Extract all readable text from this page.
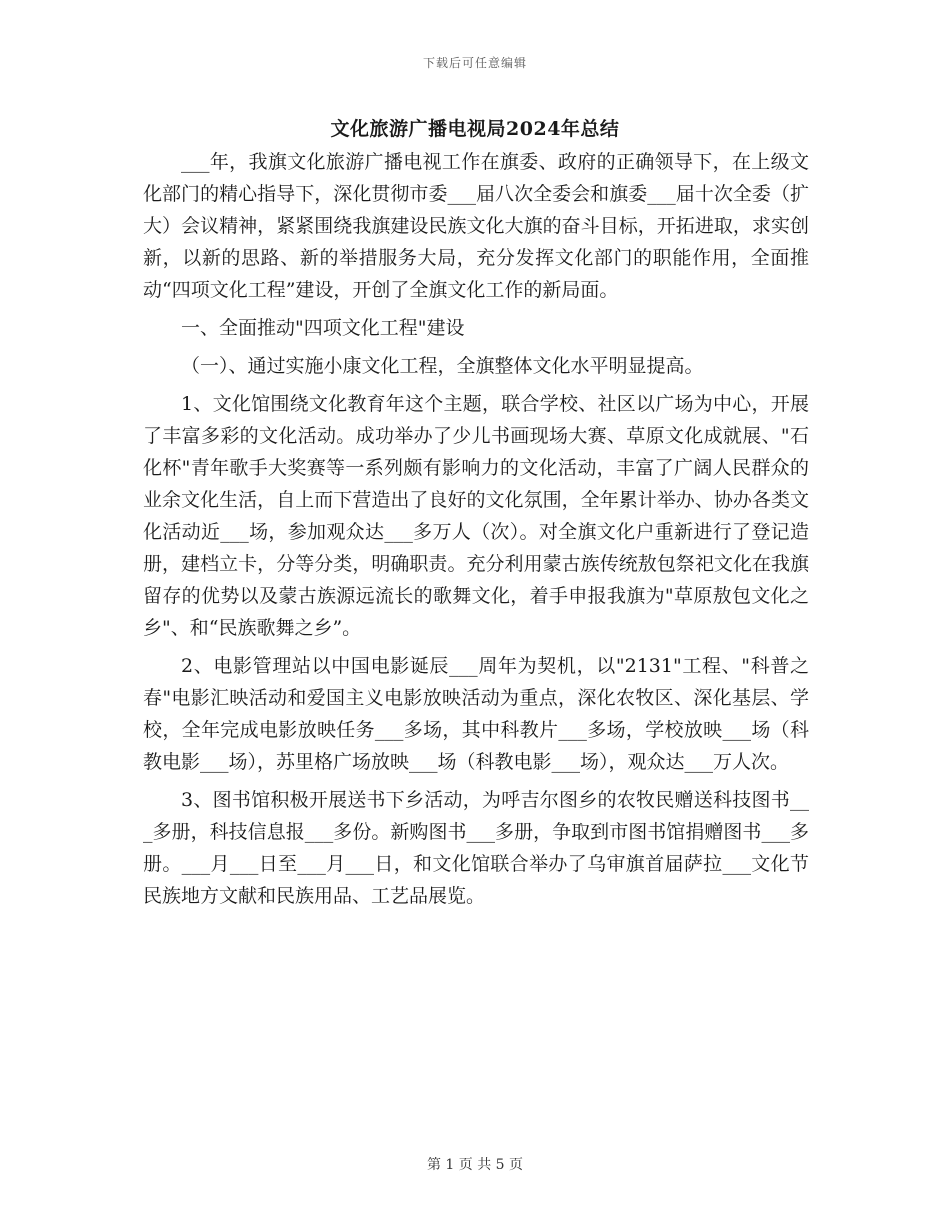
下载后可任意编辑
文化旅游广播电视局2024年总结

___年，我旗文化旅游广播电视工作在旗委、政府的正确领导下，在上级文化部门的精心指导下，深化贯彻市委___届八次全委会和旗委___届十次全委（扩大）会议精神，紧紧围绕我旗建设民族文化大旗的奋斗目标，开拓进取，求实创新，以新的思路、新的举措服务大局，充分发挥文化部门的职能作用，全面推动“四项文化工程”建设，开创了全旗文化工作的新局面。

一、全面推动"四项文化工程"建设

（一）、通过实施小康文化工程，全旗整体文化水平明显提高。

1、文化馆围绕文化教育年这个主题，联合学校、社区以广场为中心，开展了丰富多彩的文化活动。成功举办了少儿书画现场大赛、草原文化成就展、"石化杯"青年歌手大奖赛等一系列颇有影响力的文化活动，丰富了广阔人民群众的业余文化生活，自上而下营造出了良好的文化氛围，全年累计举办、协办各类文化活动近___场，参加观众达___多万人（次）。对全旗文化户重新进行了登记造册，建档立卡，分等分类，明确职责。充分利用蒙古族传统敖包祭祀文化在我旗留存的优势以及蒙古族源远流长的歌舞文化，着手申报我旗为"草原敖包文化之乡"、和“民族歌舞之乡”。

2、电影管理站以中国电影诞辰___周年为契机，以"2131"工程、"科普之春"电影汇映活动和爱国主义电影放映活动为重点，深化农牧区、深化基层、学校，全年完成电影放映任务___多场，其中科教片___多场，学校放映___场（科教电影___场），苏里格广场放映___场（科教电影___场），观众达___万人次。

3、图书馆积极开展送书下乡活动，为呼吉尔图乡的农牧民赠送科技图书___多册，科技信息报___多份。新购图书___多册，争取到市图书馆捐赠图书___多册。___月___日至___月___日，和文化馆联合举办了乌审旗首届萨拉___文化节民族地方文献和民族用品、工艺品展览。

第 1 页 共 5 页
